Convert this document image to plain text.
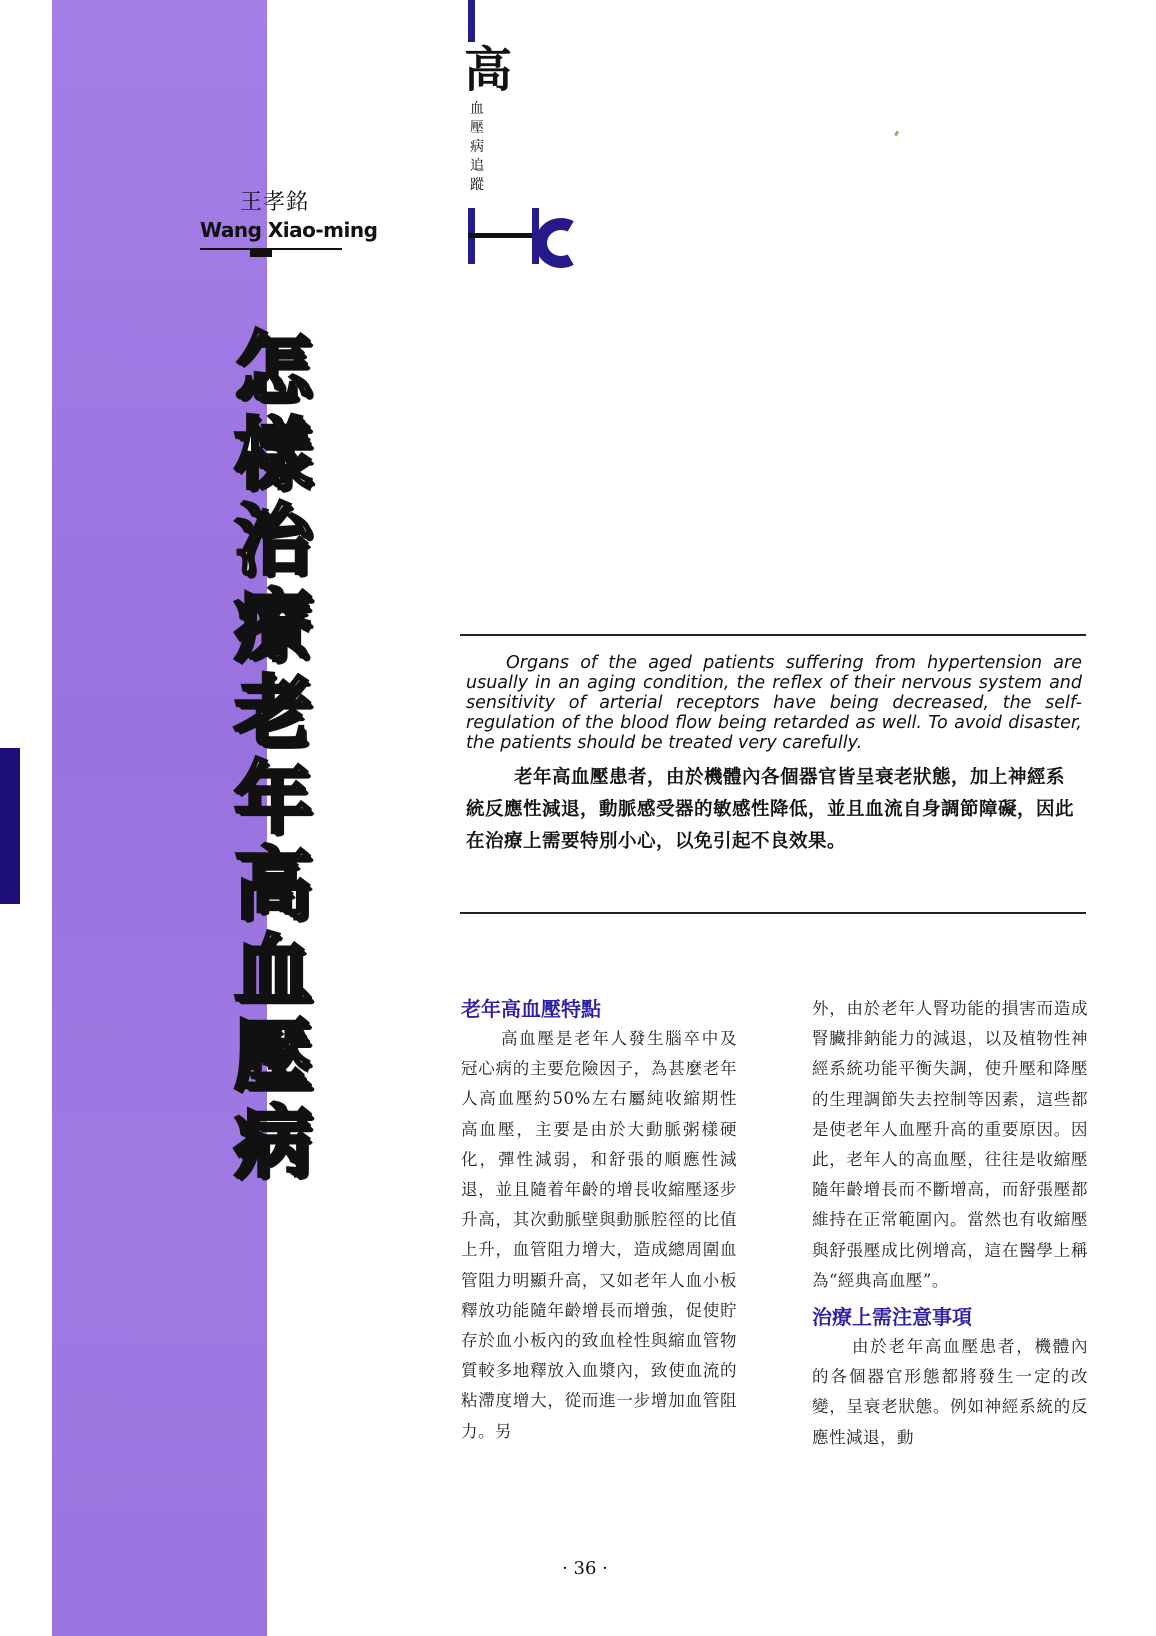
王孝銘
Wang Xiao-ming
怎樣治療老年高血壓病
高
血壓病追蹤
Organs of the aged patients suffering from hypertension are usually in an aging condition, the reflex of their nervous system and sensitivity of arterial receptors have being decreased, the self-regulation of the blood flow being retarded as well. To avoid disaster, the patients should be treated very carefully.
老年高血壓患者，由於機體內各個器官皆呈衰老狀態，加上神經系統反應性減退，動脈感受器的敏感性降低，並且血流自身調節障礙，因此在治療上需要特別小心，以免引起不良效果。
老年高血壓特點
高血壓是老年人發生腦卒中及冠心病的主要危險因子，為甚麼老年人高血壓約50%左右屬純收縮期性高血壓，主要是由於大動脈粥樣硬化，彈性減弱，和舒張的順應性減退，並且隨着年齡的增長收縮壓逐步升高，其次動脈壁與動脈腔徑的比值上升，血管阻力增大，造成總周圍血管阻力明顯升高，又如老年人血小板釋放功能隨年齡增長而增強，促使貯存於血小板內的致血栓性與縮血管物質較多地釋放入血漿內，致使血流的粘滯度增大，從而進一步增加血管阻力。另
外，由於老年人腎功能的損害而造成腎臟排鈉能力的減退，以及植物性神經系統功能平衡失調，使升壓和降壓的生理調節失去控制等因素，這些都是使老年人血壓升高的重要原因。因此，老年人的高血壓，往往是收縮壓隨年齡增長而不斷增高，而舒張壓都維持在正常範圍內。當然也有收縮壓與舒張壓成比例增高，這在醫學上稱為“經典高血壓”。
治療上需注意事項
由於老年高血壓患者，機體內的各個器官形態都將發生一定的改變，呈衰老狀態。例如神經系統的反應性減退，動
· 36 ·
